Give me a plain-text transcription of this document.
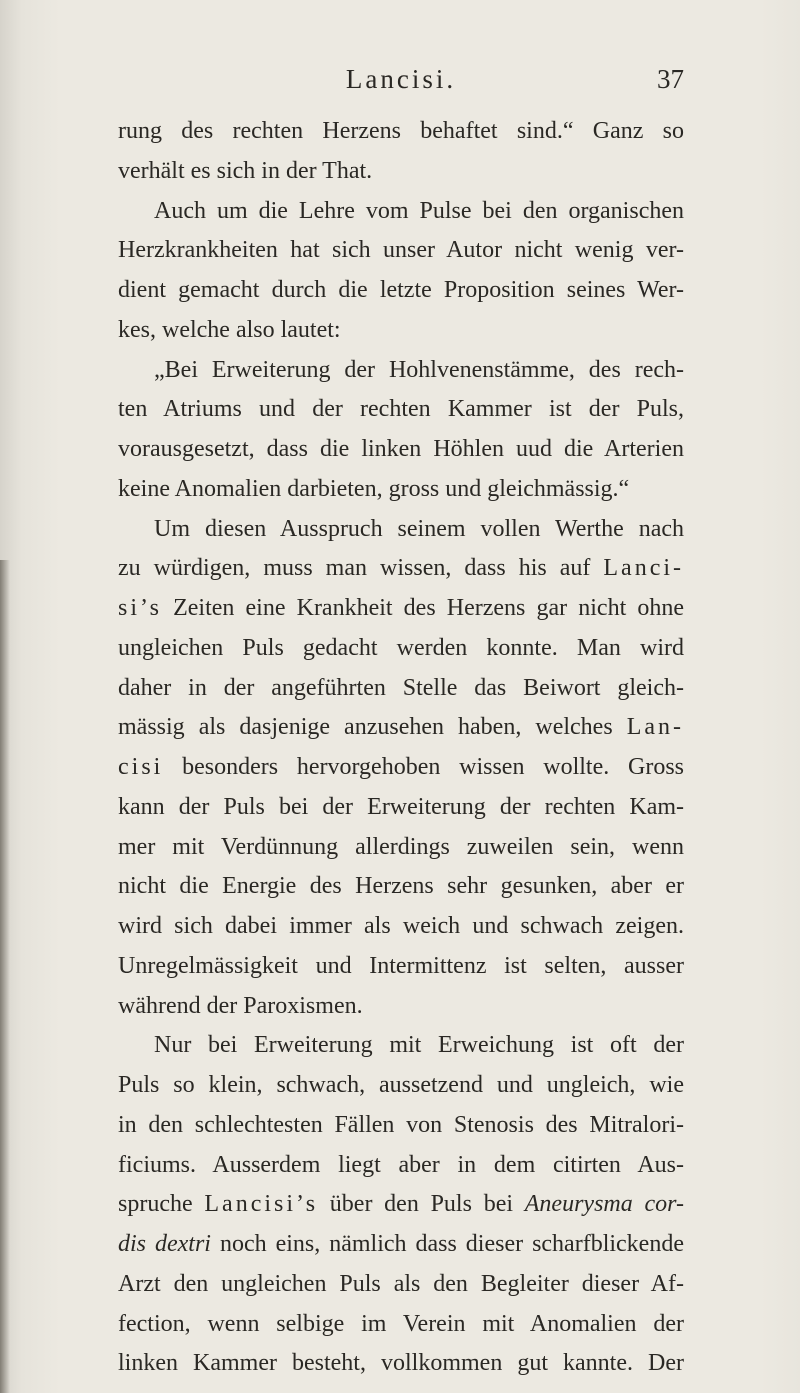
Lancisi.	37
rung des rechten Herzens behaftet sind.“ Ganz so
verhält es sich in der That.
Auch um die Lehre vom Pulse bei den organischen
Herzkrankheiten hat sich unser Autor nicht wenig ver-
dient gemacht durch die letzte Proposition seines Wer-
kes, welche also lautet:
„Bei Erweiterung der Hohlvenenstämme, des rech-
ten Atriums und der rechten Kammer ist der Puls,
vorausgesetzt, dass die linken Höhlen uud die Arterien
keine Anomalien darbieten, gross und gleichmässig.“
Um diesen Ausspruch seinem vollen Werthe nach
zu würdigen, muss man wissen, dass his auf Lanci-
si’s Zeiten eine Krankheit des Herzens gar nicht ohne
ungleichen Puls gedacht werden konnte. Man wird
daher in der angeführten Stelle das Beiwort gleich-
mässig als dasjenige anzusehen haben, welches Lan-
cisi besonders hervorgehoben wissen wollte. Gross
kann der Puls bei der Erweiterung der rechten Kam-
mer mit Verdünnung allerdings zuweilen sein, wenn
nicht die Energie des Herzens sehr gesunken, aber er
wird sich dabei immer als weich und schwach zeigen.
Unregelmässigkeit und Intermittenz ist selten, ausser
während der Paroxismen.
Nur bei Erweiterung mit Erweichung ist oft der
Puls so klein, schwach, aussetzend und ungleich, wie
in den schlechtesten Fällen von Stenosis des Mitralori-
ficiums. Ausserdem liegt aber in dem citirten Aus-
spruche Lancisi’s über den Puls bei Aneurysma cor-
dis dextri noch eins, nämlich dass dieser scharfblickende
Arzt den ungleichen Puls als den Begleiter dieser Af-
fection, wenn selbige im Verein mit Anomalien der
linken Kammer besteht, vollkommen gut kannte. Der
